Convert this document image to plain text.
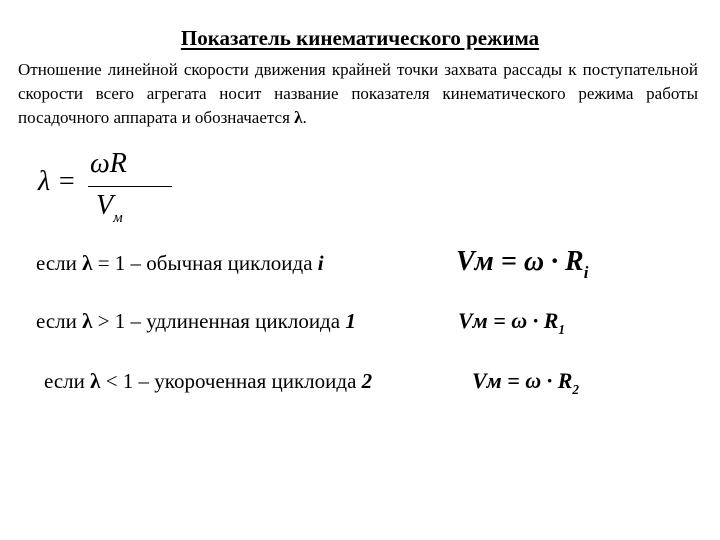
Показатель кинематического режима
Отношение линейной скорости движения крайней точки захвата рассады к поступательной скорости всего агрегата носит название показателя кинематического режима работы посадочного аппарата и обозначается λ.
λ =
ωR
$V_м$
если λ = 1 – обычная циклоида i	Vм = $\omega \cdot R_i$
если λ > 1 – удлиненная циклоида 1	Vм = $\omega \cdot R_1$
если λ < 1 – укороченная циклоида 2	Vм = $\omega \cdot R_2$
